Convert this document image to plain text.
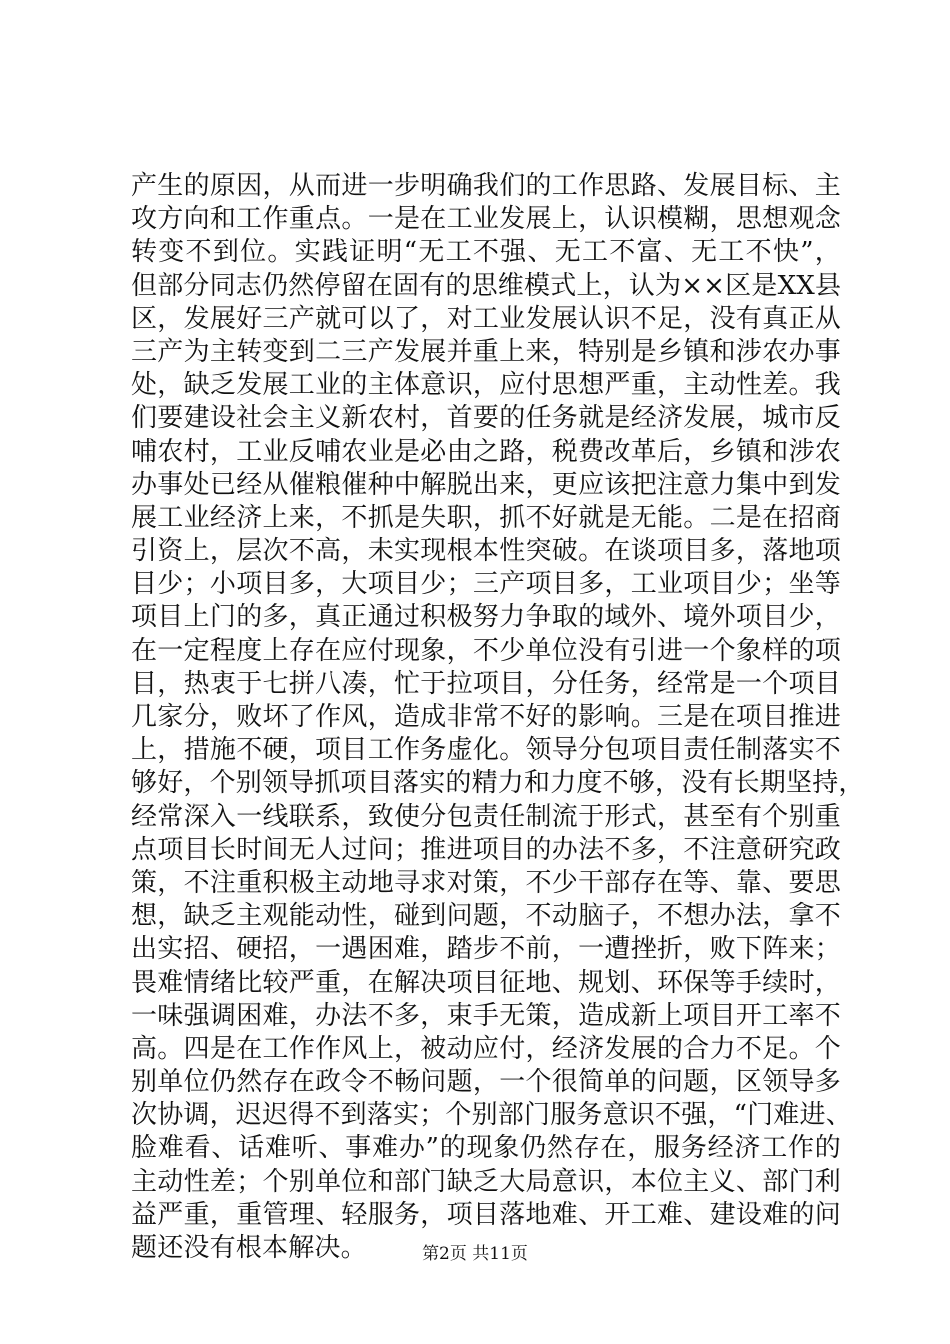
产生的原因，从而进一步明确我们的工作思路、发展目标、主
攻方向和工作重点。一是在工业发展上，认识模糊，思想观念
转变不到位。实践证明“无工不强、无工不富、无工不快”，
但部分同志仍然停留在固有的思维模式上，认为××区是XX县
区，发展好三产就可以了，对工业发展认识不足，没有真正从
三产为主转变到二三产发展并重上来，特别是乡镇和涉农办事
处，缺乏发展工业的主体意识，应付思想严重，主动性差。我
们要建设社会主义新农村，首要的任务就是经济发展，城市反
哺农村，工业反哺农业是必由之路，税费改革后，乡镇和涉农
办事处已经从催粮催种中解脱出来，更应该把注意力集中到发
展工业经济上来，不抓是失职，抓不好就是无能。二是在招商
引资上，层次不高，未实现根本性突破。在谈项目多，落地项
目少；小项目多，大项目少；三产项目多，工业项目少；坐等
项目上门的多，真正通过积极努力争取的域外、境外项目少，
在一定程度上存在应付现象，不少单位没有引进一个象样的项
目，热衷于七拼八凑，忙于拉项目，分任务，经常是一个项目
几家分，败坏了作风，造成非常不好的影响。三是在项目推进
上，措施不硬，项目工作务虚化。领导分包项目责任制落实不
够好，个别领导抓项目落实的精力和力度不够，没有长期坚持，
经常深入一线联系，致使分包责任制流于形式，甚至有个别重
点项目长时间无人过问；推进项目的办法不多，不注意研究政
策，不注重积极主动地寻求对策，不少干部存在等、靠、要思
想，缺乏主观能动性，碰到问题，不动脑子，不想办法，拿不
出实招、硬招，一遇困难，踏步不前，一遭挫折，败下阵来；
畏难情绪比较严重，在解决项目征地、规划、环保等手续时，
一味强调困难，办法不多，束手无策，造成新上项目开工率不
高。四是在工作作风上，被动应付，经济发展的合力不足。个
别单位仍然存在政令不畅问题，一个很简单的问题，区领导多
次协调，迟迟得不到落实；个别部门服务意识不强，“门难进、
脸难看、话难听、事难办”的现象仍然存在，服务经济工作的
主动性差；个别单位和部门缺乏大局意识，本位主义、部门利
益严重，重管理、轻服务，项目落地难、开工难、建设难的问
题还没有根本解决。	第2页 共11页
